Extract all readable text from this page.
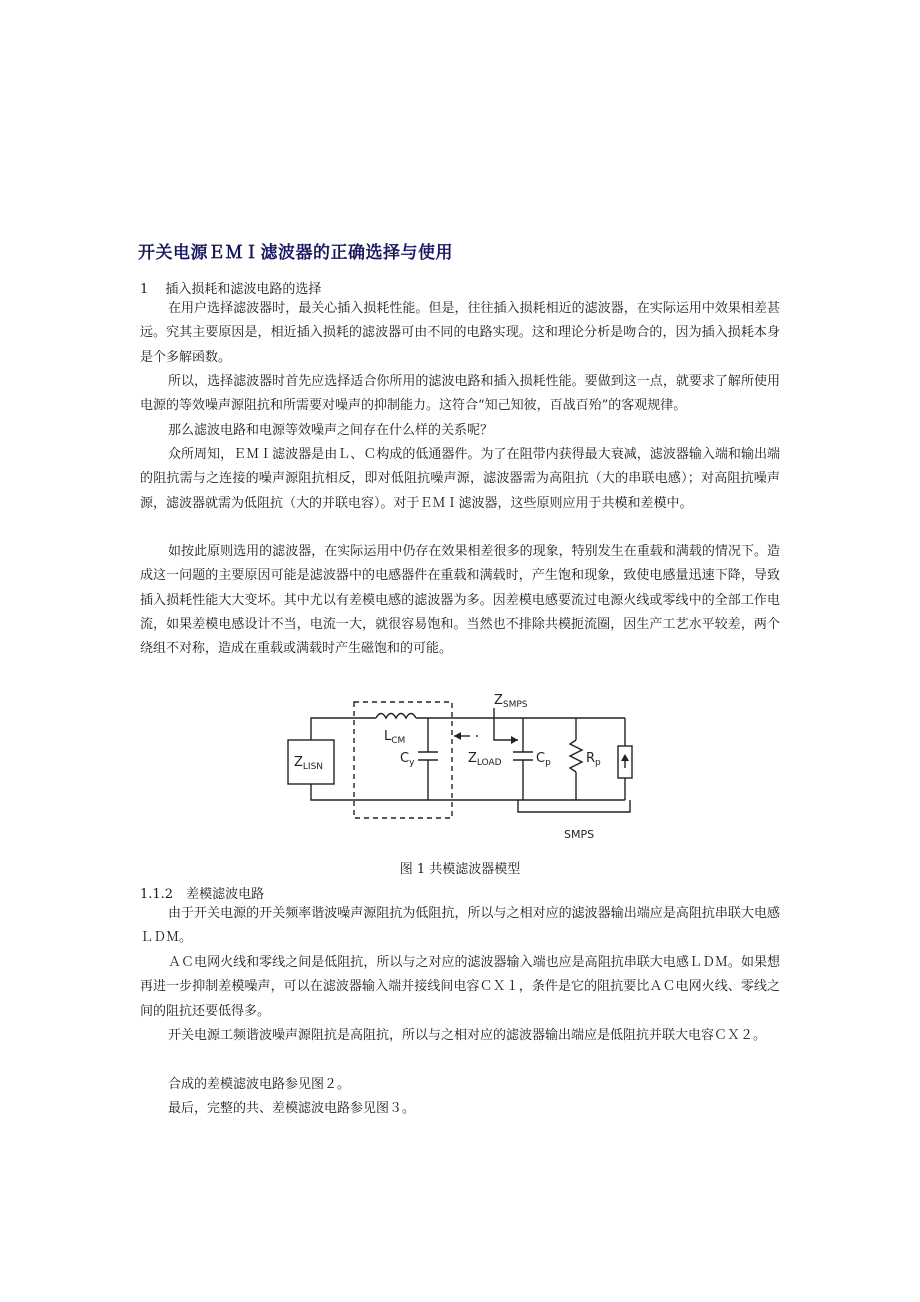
开关电源ＥＭＩ滤波器的正确选择与使用
1　 插入损耗和滤波电路的选择
在用户选择滤波器时，最关心插入损耗性能。但是，往往插入损耗相近的滤波器，在实际运用中效果相差甚远。究其主要原因是，相近插入损耗的滤波器可由不同的电路实现。这和理论分析是吻合的，因为插入损耗本身是个多解函数。
所以，选择滤波器时首先应选择适合你所用的滤波电路和插入损耗性能。要做到这一点，就要求了解所使用电源的等效噪声源阻抗和所需要对噪声的抑制能力。这符合“知己知彼，百战百殆”的客观规律。
那么滤波电路和电源等效噪声之间存在什么样的关系呢？
众所周知，ＥＭＩ滤波器是由Ｌ、Ｃ构成的低通器件。为了在阻带内获得最大衰减，滤波器输入端和输出端的阻抗需与之连接的噪声源阻抗相反，即对低阻抗噪声源，滤波器需为高阻抗（大的串联电感）；对高阻抗噪声源，滤波器就需为低阻抗（大的并联电容）。对于ＥＭＩ滤波器，这些原则应用于共模和差模中。
如按此原则选用的滤波器，在实际运用中仍存在效果相差很多的现象，特别发生在重载和满载的情况下。造成这一问题的主要原因可能是滤波器中的电感器件在重载和满载时，产生饱和现象，致使电感量迅速下降，导致插入损耗性能大大变坏。其中尤以有差模电感的滤波器为多。因差模电感要流过电源火线或零线中的全部工作电流，如果差模电感设计不当，电流一大，就很容易饱和。当然也不排除共模扼流圈，因生产工艺水平较差，两个绕组不对称，造成在重载或满载时产生磁饱和的可能。
$Z_{LISN}$
$L_{CM}$
$C_y$	$Z_{LOAD}$	$C_p$	$R_p$
$Z_{SMPS}$
SMPS
图 1 共模滤波器模型
1.1.2　差模滤波电路
由于开关电源的开关频率谐波噪声源阻抗为低阻抗，所以与之相对应的滤波器输出端应是高阻抗串联大电感ＬＤＭ。
ＡＣ电网火线和零线之间是低阻抗，所以与之对应的滤波器输入端也应是高阻抗串联大电感ＬＤＭ。如果想再进一步抑制差模噪声，可以在滤波器输入端并接线间电容ＣＸ１，条件是它的阻抗要比ＡＣ电网火线、零线之间的阻抗还要低得多。
开关电源工频谐波噪声源阻抗是高阻抗，所以与之相对应的滤波器输出端应是低阻抗并联大电容ＣＸ２。
合成的差模滤波电路参见图２。
最后，完整的共、差模滤波电路参见图３。
